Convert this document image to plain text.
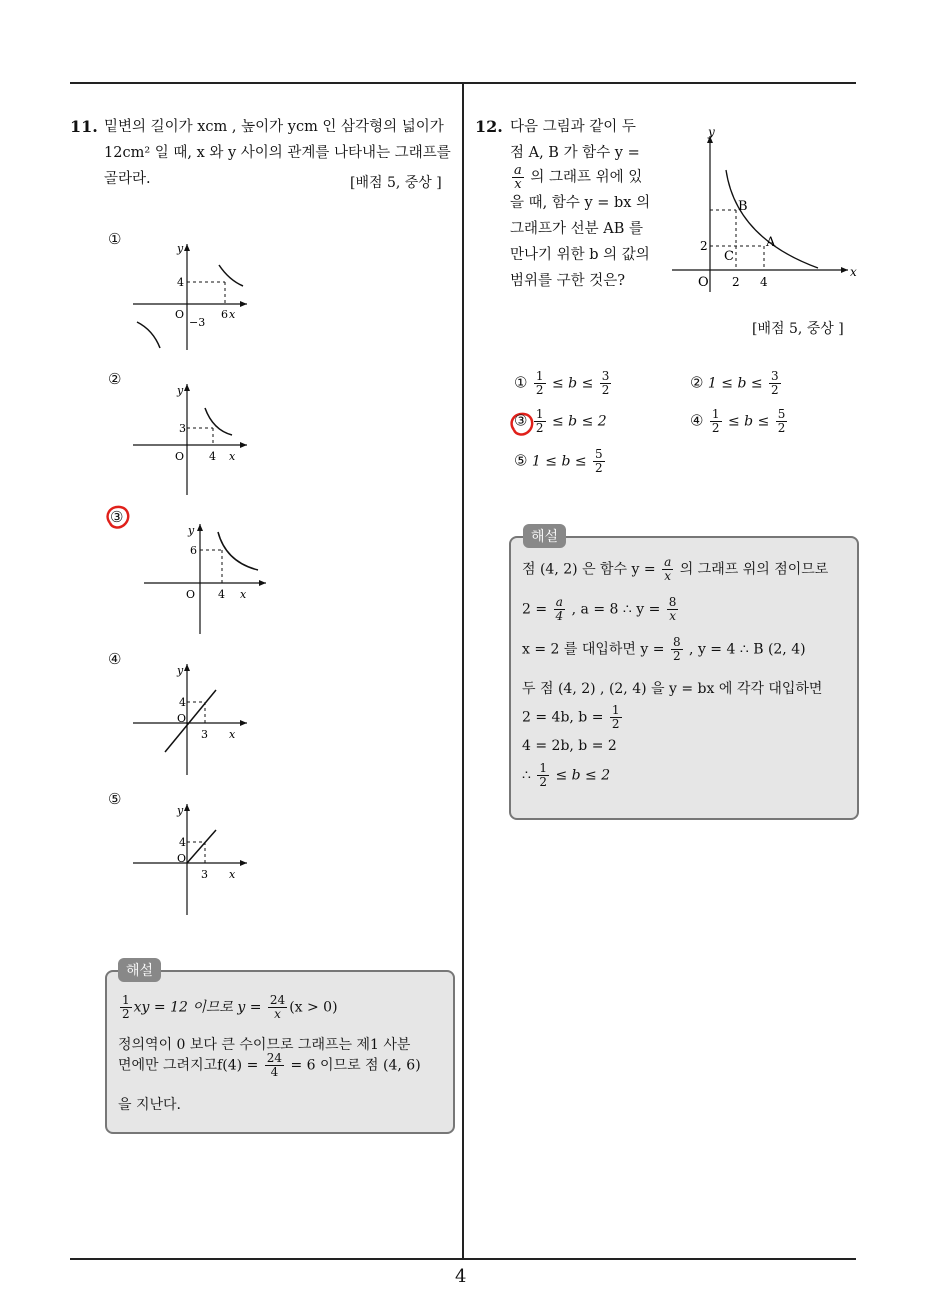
4
11. 밑변의 길이가 xcm , 높이가 ycm 인 삼각형의 넓이가
12cm² 일 때, x 와 y 사이의 관계를 나타내는 그래프를
골라라.	[배점 5, 중상 ]
①
y
4
O	6 x
−3
②
y
3
O 4 x
③
y
6
O 4 x
④
y
4
O
3 x
⑤
y
4
O
3 x
해설
$\frac{1}{2}$ xy = 12 이므로 $y = \frac{24}{x} (x > 0)$
정의역이 0 보다 큰 수이므로 그래프는 제1 사분
면에만 그려지고$f(4) = \frac{24}{4} = 6$ 이므로 점 (4, 6)
을 지난다.
12. 다음 그림과 같이 두
점 A, B 가 함수 y =
$\frac{a}{x}$ 의 그래프 위에 있
을 때, 함수 y = bx 의
그래프가 선분 AB 를
만나기 위한 b 의 값의
범위를 구한 것은?
y
x
B
A
C
2
O 2 4
[배점 5, 중상 ]
① $\frac{1}{2} \le b \le \frac{3}{2}$	② $1 \le b \le \frac{3}{2}$
③ $\frac{1}{2} \le b \le 2$	④ $\frac{1}{2} \le b \le \frac{5}{2}$
⑤ $1 \le b \le \frac{5}{2}$
해설
점 (4, 2) 은 함수 $y = \frac{a}{x}$ 의 그래프 위의 점이므로
$2 = \frac{a}{4}$ , a = 8 ∴ $y = \frac{8}{x}$
x = 2 를 대입하면 $y = \frac{8}{2}$ , y = 4 ∴ B (2, 4)
두 점 (4, 2) , (2, 4) 을 y = bx 에 각각 대입하면
2 = 4b, $b = \frac{1}{2}$
4 = 2b, b = 2
∴ $\frac{1}{2} \le b \le 2$
